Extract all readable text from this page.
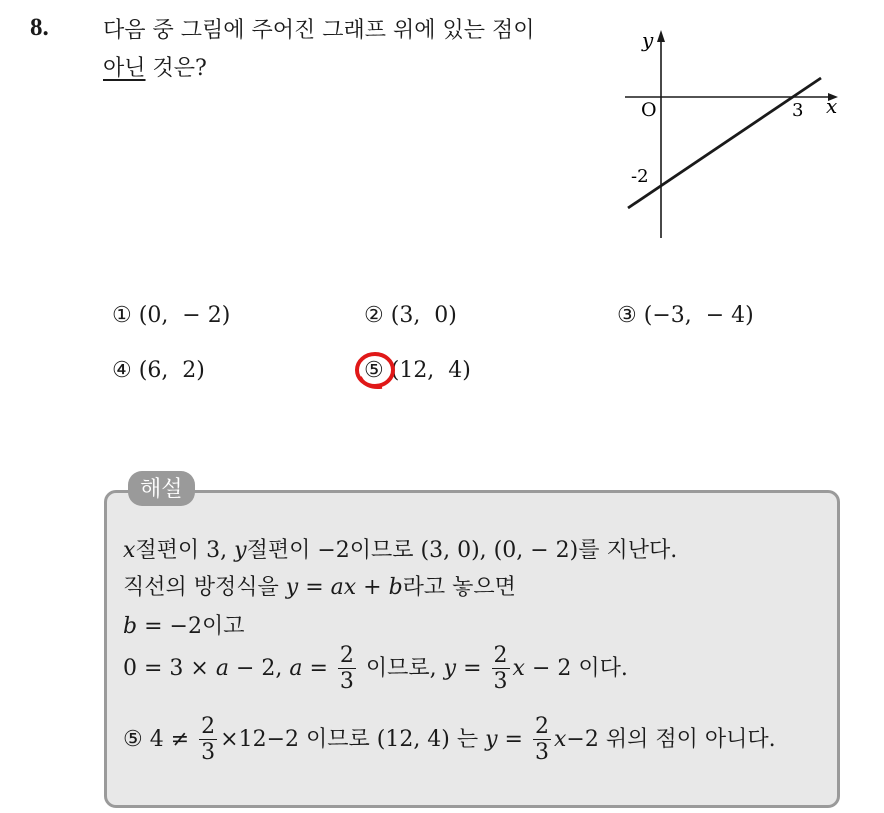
8. 다음 중 그림에 주어진 그래프 위에 있는 점이
아닌 것은?
y
x
O	3
-2
① (0,  − 2)	② (3,  0)	③ (−3,  − 4)
④ (6,  2)	⑤ (12,  4)
해설
x절편이 3, y절편이 −2이므로 (3, 0), (0, − 2)를 지난다.
직선의 방정식을 y = ax + b라고 놓으면
b = −2이고
0 = 3 × a − 2, $a = \frac{2}{3}$ 이므로, $y = \frac{2}{3}$ x − 2 이다.
⑤ $4 \ne \frac{2}{3} \times 12-2$ 이므로 (12, 4) 는 $y = \frac{2}{3} x-2$ 위의 점이 아니다.
